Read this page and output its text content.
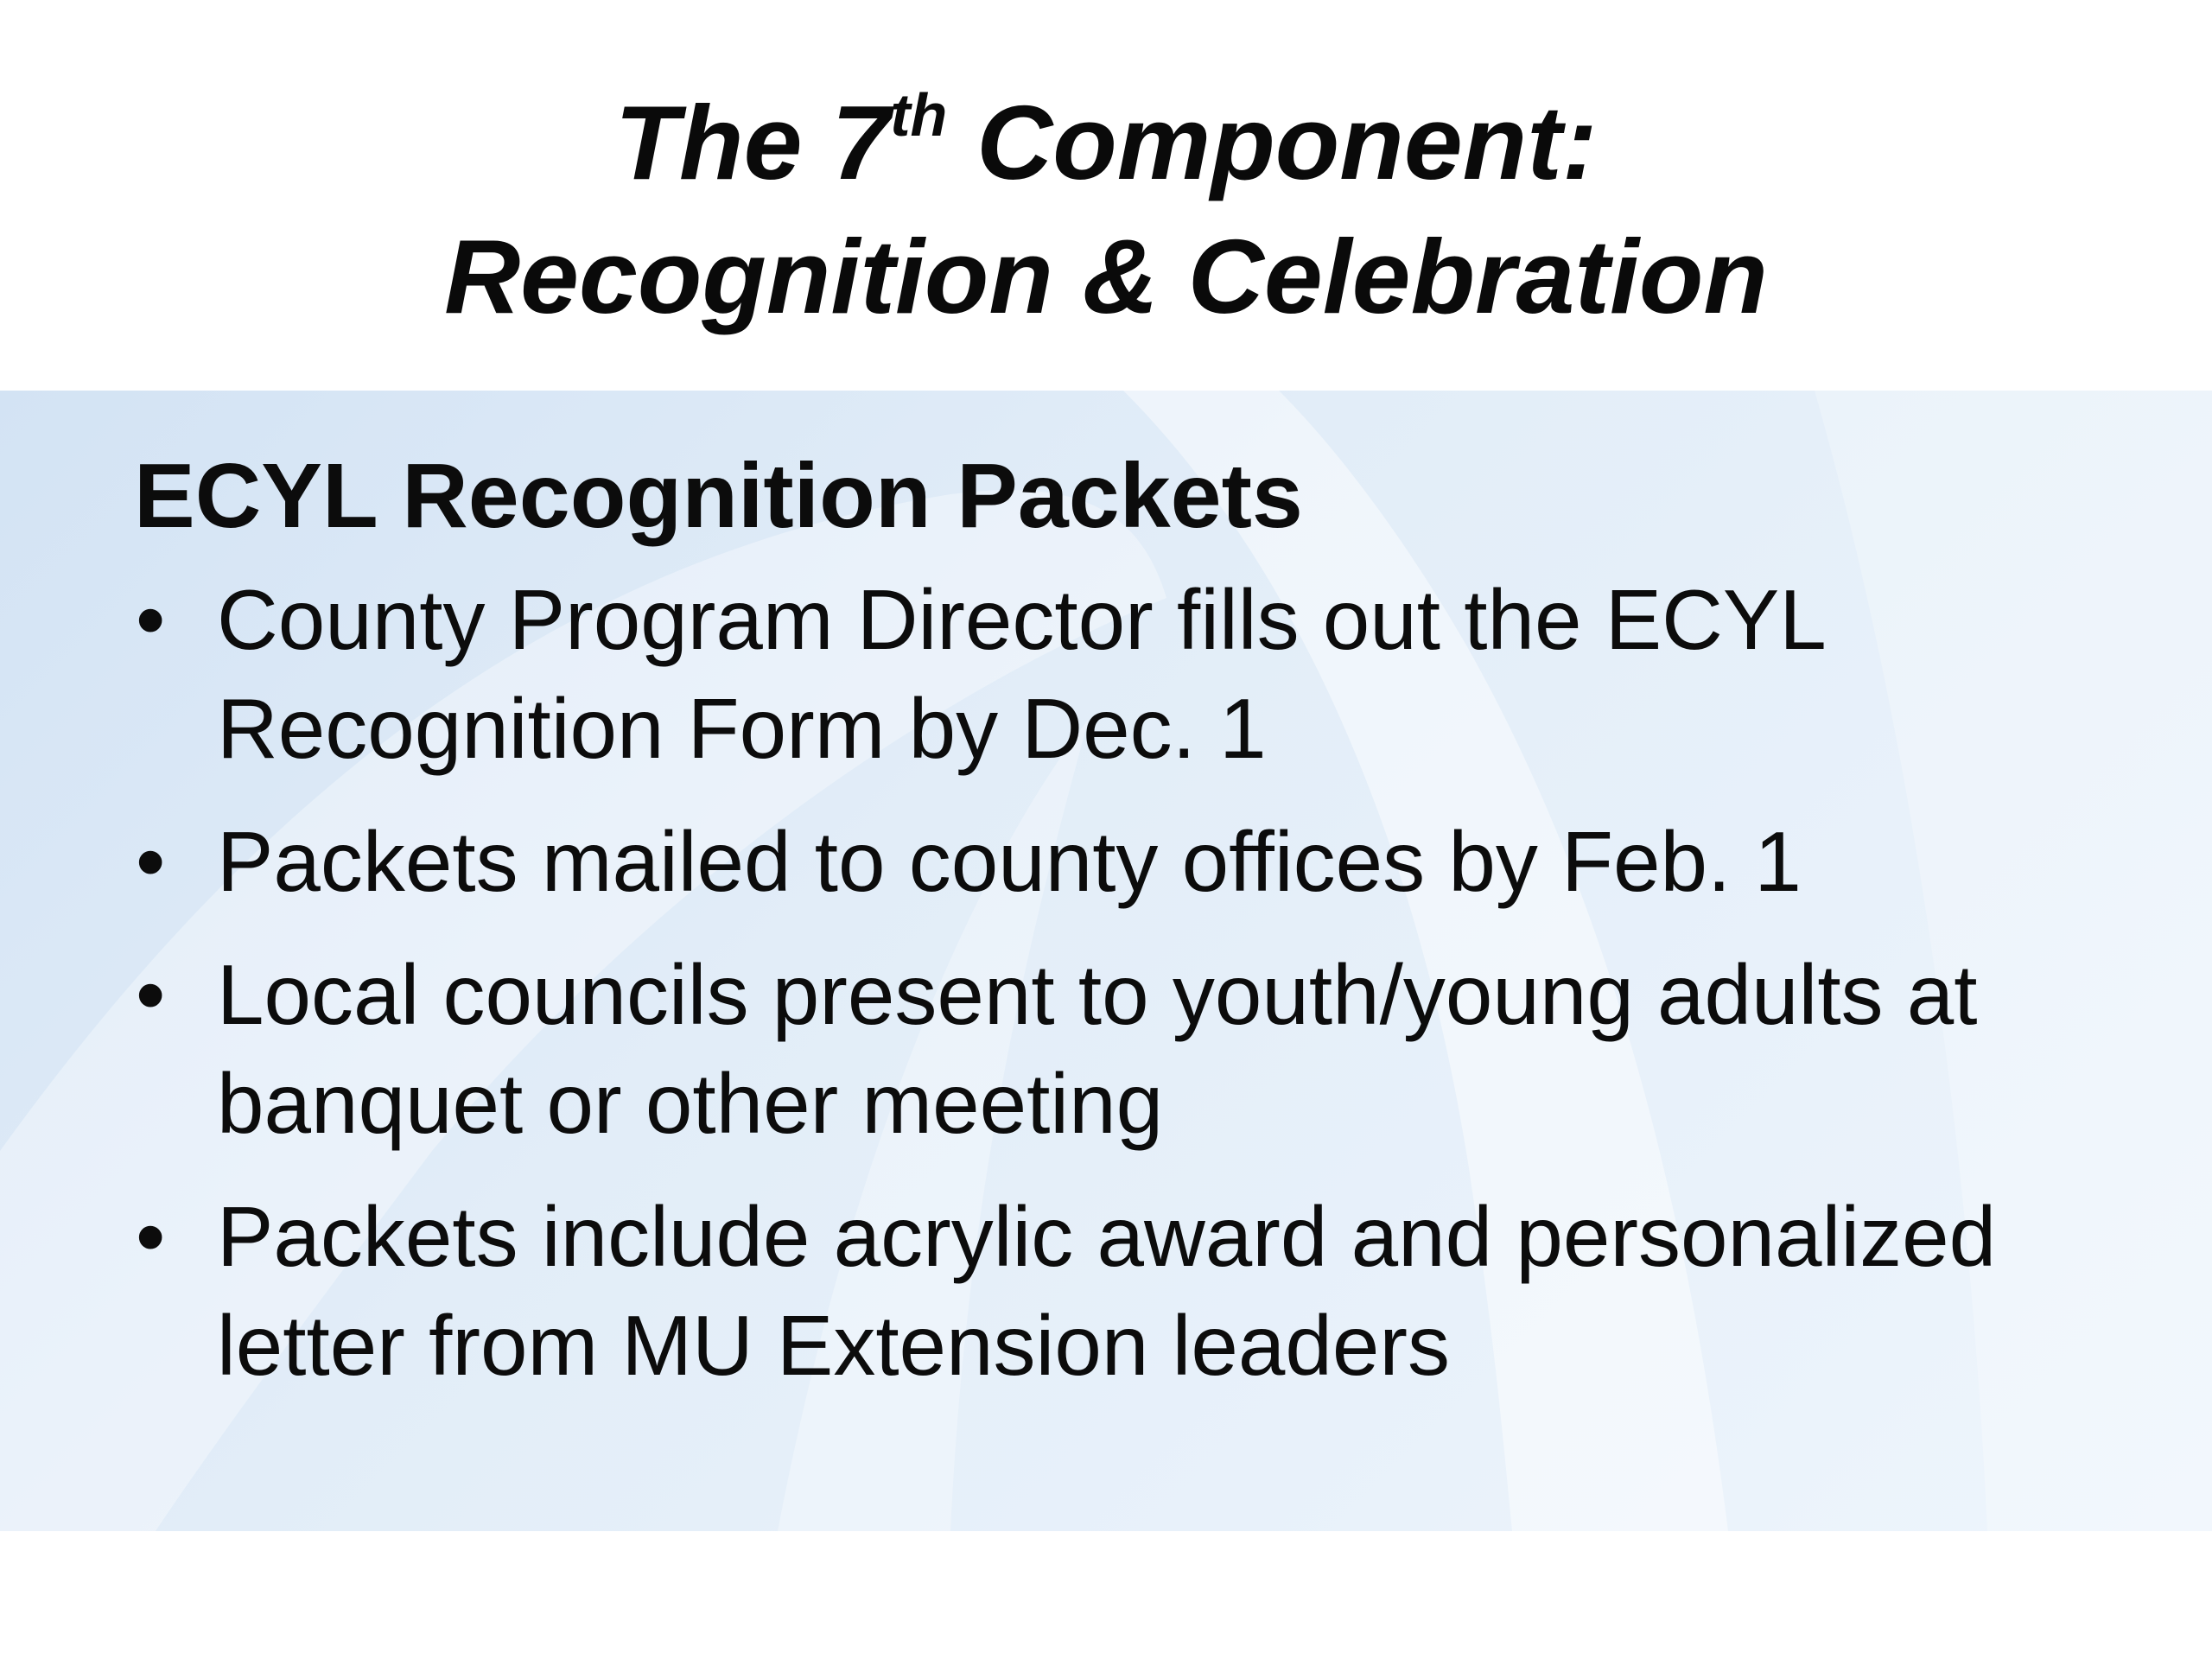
The 7th Component:
Recognition & Celebration
ECYL Recognition Packets
• County Program Director fills out the ECYL Recognition Form by Dec. 1
• Packets mailed to county offices by Feb. 1
• Local councils present to youth/young adults at banquet or other meeting
• Packets include acrylic award and personalized letter from MU Extension leaders
